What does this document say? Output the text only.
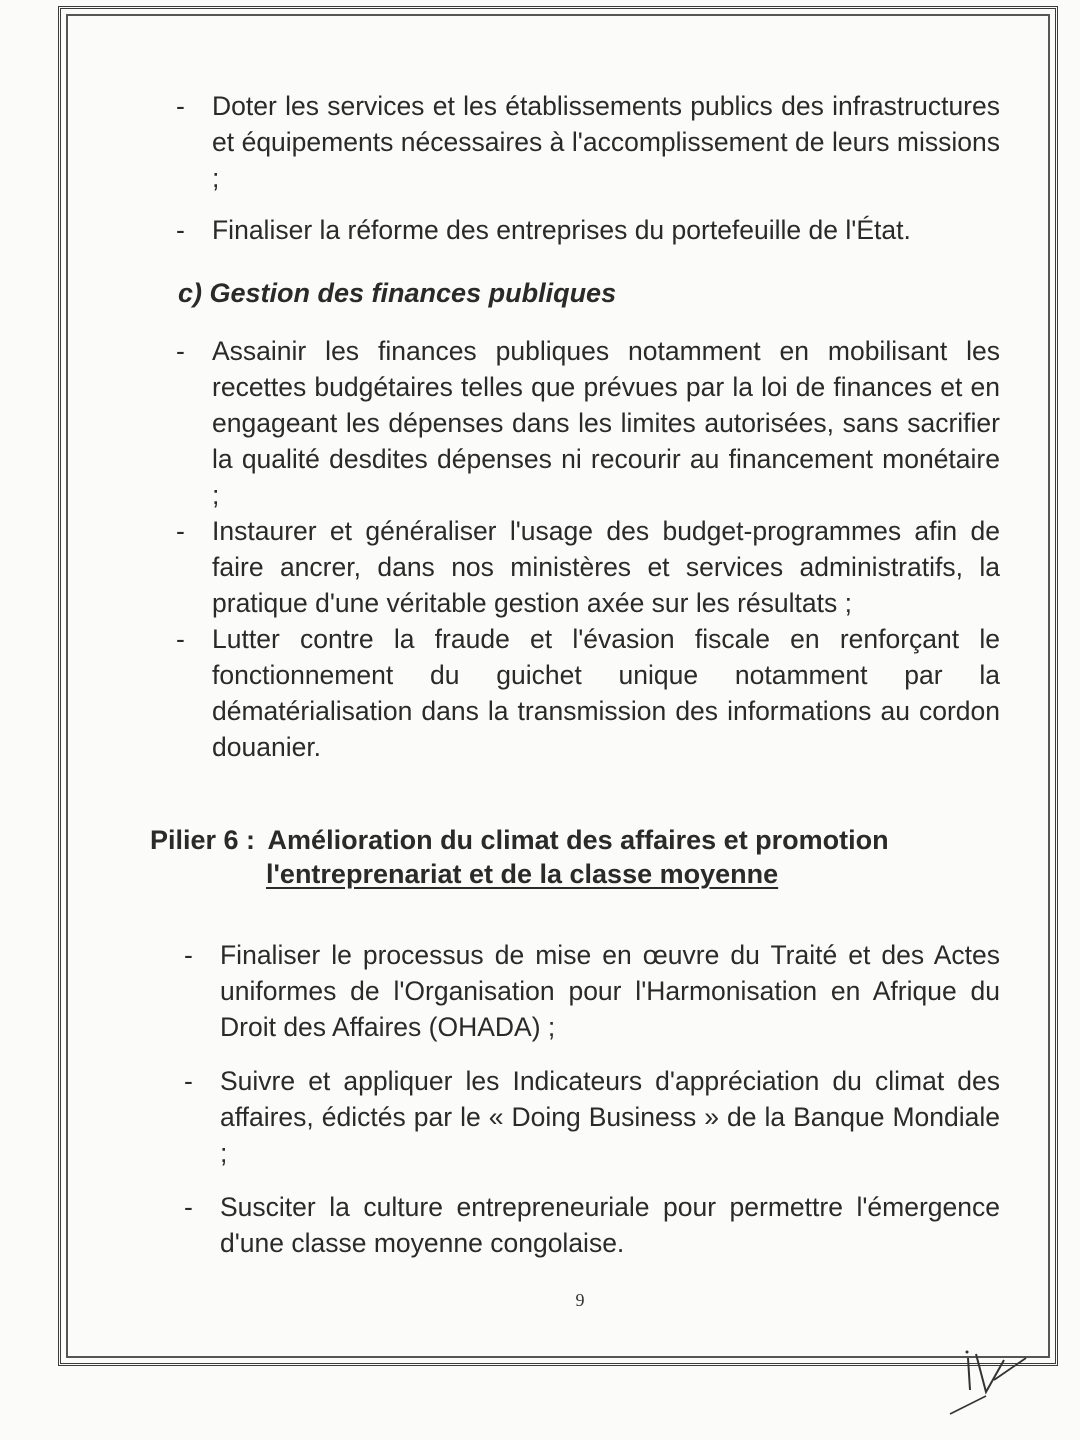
- Doter les services et les établissements publics des infrastructures et équipements nécessaires à l'accomplissement de leurs missions ;
- Finaliser la réforme des entreprises du portefeuille de l'État.
c) Gestion des finances publiques
- Assainir les finances publiques notamment en mobilisant les recettes budgétaires telles que prévues par la loi de finances et en engageant les dépenses dans les limites autorisées, sans sacrifier la qualité desdites dépenses ni recourir au financement monétaire ;
- Instaurer et généraliser l'usage des budget-programmes afin de faire ancrer, dans nos ministères et services administratifs, la pratique d'une véritable gestion axée sur les résultats ;
- Lutter contre la fraude et l'évasion fiscale en renforçant le fonctionnement du guichet unique notamment par la dématérialisation dans la transmission des informations au cordon douanier.
Pilier 6 : Amélioration du climat des affaires et promotion
l'entreprenariat et de la classe moyenne
- Finaliser le processus de mise en œuvre du Traité et des Actes uniformes de l'Organisation pour l'Harmonisation en Afrique du Droit des Affaires (OHADA) ;
- Suivre et appliquer les Indicateurs d'appréciation du climat des affaires, édictés par le « Doing Business » de la Banque Mondiale ;
- Susciter la culture entrepreneuriale pour permettre l'émergence d'une classe moyenne congolaise.
9
